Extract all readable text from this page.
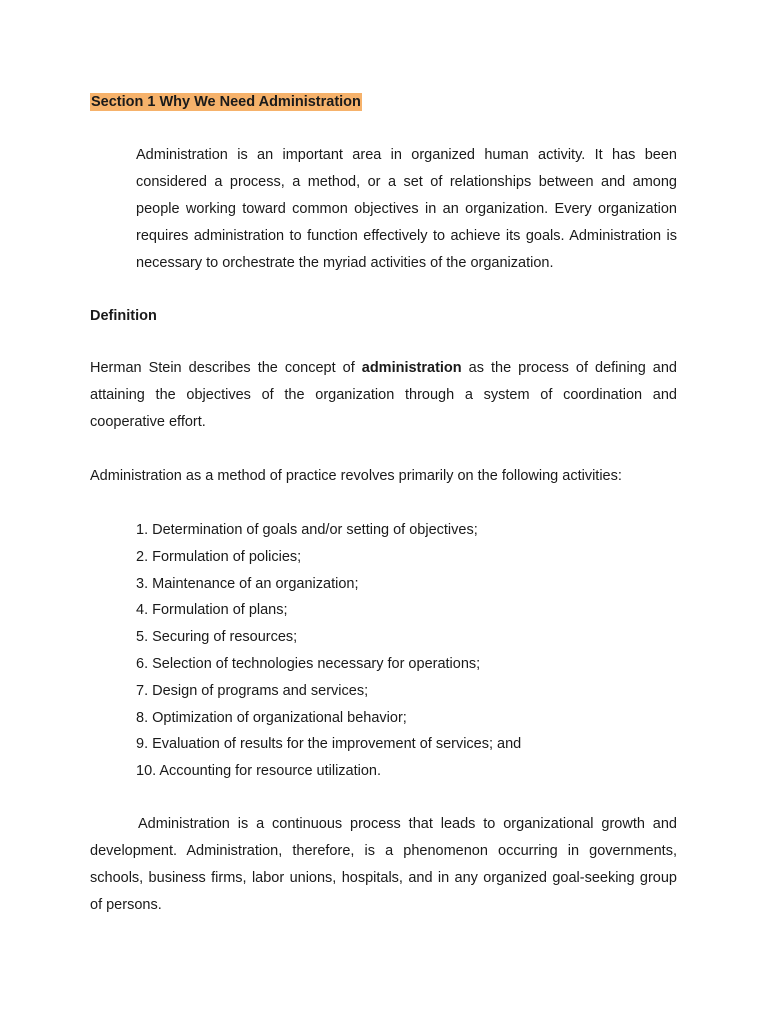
Section 1 Why We Need Administration

Administration is an important area in organized human activity. It has been considered a process, a method, or a set of relationships between and among people working toward common objectives in an organization. Every organization requires administration to function effectively to achieve its goals. Administration is necessary to orchestrate the myriad activities of the organization.

Definition

Herman Stein describes the concept of administration as the process of defining and attaining the objectives of the organization through a system of coordination and cooperative effort.

Administration as a method of practice revolves primarily on the following activities:

1. Determination of goals and/or setting of objectives;
2. Formulation of policies;
3. Maintenance of an organization;
4. Formulation of plans;
5. Securing of resources;
6. Selection of technologies necessary for operations;
7. Design of programs and services;
8. Optimization of organizational behavior;
9. Evaluation of results for the improvement of services; and
10. Accounting for resource utilization.

Administration is a continuous process that leads to organizational growth and development. Administration, therefore, is a phenomenon occurring in governments, schools, business firms, labor unions, hospitals, and in any organized goal-seeking group of persons.
